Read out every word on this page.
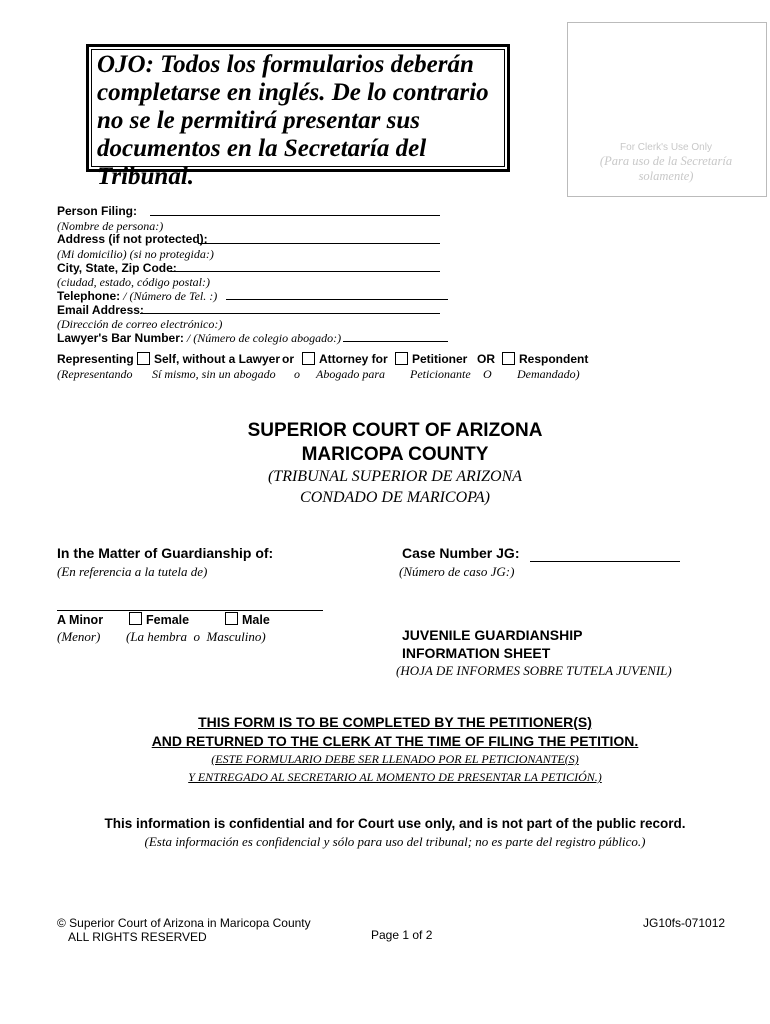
OJO: Todos los formularios deberán
completarse en inglés. De lo contrario
no se le permitirá presentar sus
documentos en la Secretaría del Tribunal.
For Clerk's Use Only
(Para uso de la Secretaría
solamente)
Person Filing:
(Nombre de persona:)
Address (if not protected):
(Mi domicilio) (si no protegida:)
City, State, Zip Code:
(ciudad, estado, código postal:)
Telephone: / (Número de Tel. :)
Email Address:
(Dirección de correo electrónico:)
Lawyer's Bar Number: / (Número de colegio abogado:)
Representing Self, without a Lawyer or Attorney for Petitioner OR Respondent
(Representando Sí mismo, sin un abogado o Abogado para Peticionante O Demandado)
SUPERIOR COURT OF ARIZONA
MARICOPA COUNTY
(TRIBUNAL SUPERIOR DE ARIZONA
CONDADO DE MARICOPA)
In the Matter of Guardianship of:
(En referencia a la tutela de)
Case Number JG:
(Número de caso JG:)
A Minor	Female	Male
(Menor) (La hembra  o  Masculino)	JUVENILE GUARDIANSHIP
INFORMATION SHEET
(HOJA DE INFORMES SOBRE TUTELA JUVENIL)
THIS FORM IS TO BE COMPLETED BY THE PETITIONER(S)
AND RETURNED TO THE CLERK AT THE TIME OF FILING THE PETITION.
(ESTE FORMULARIO DEBE SER LLENADO POR EL PETICIONANTE(S)
Y ENTREGADO AL SECRETARIO AL MOMENTO DE PRESENTAR LA PETICIÓN.)
This information is confidential and for Court use only, and is not part of the public record.
(Esta información es confidencial y sólo para uso del tribunal; no es parte del registro público.)
© Superior Court of Arizona in Maricopa County
ALL RIGHTS RESERVED	Page 1 of 2
JG10fs-071012
